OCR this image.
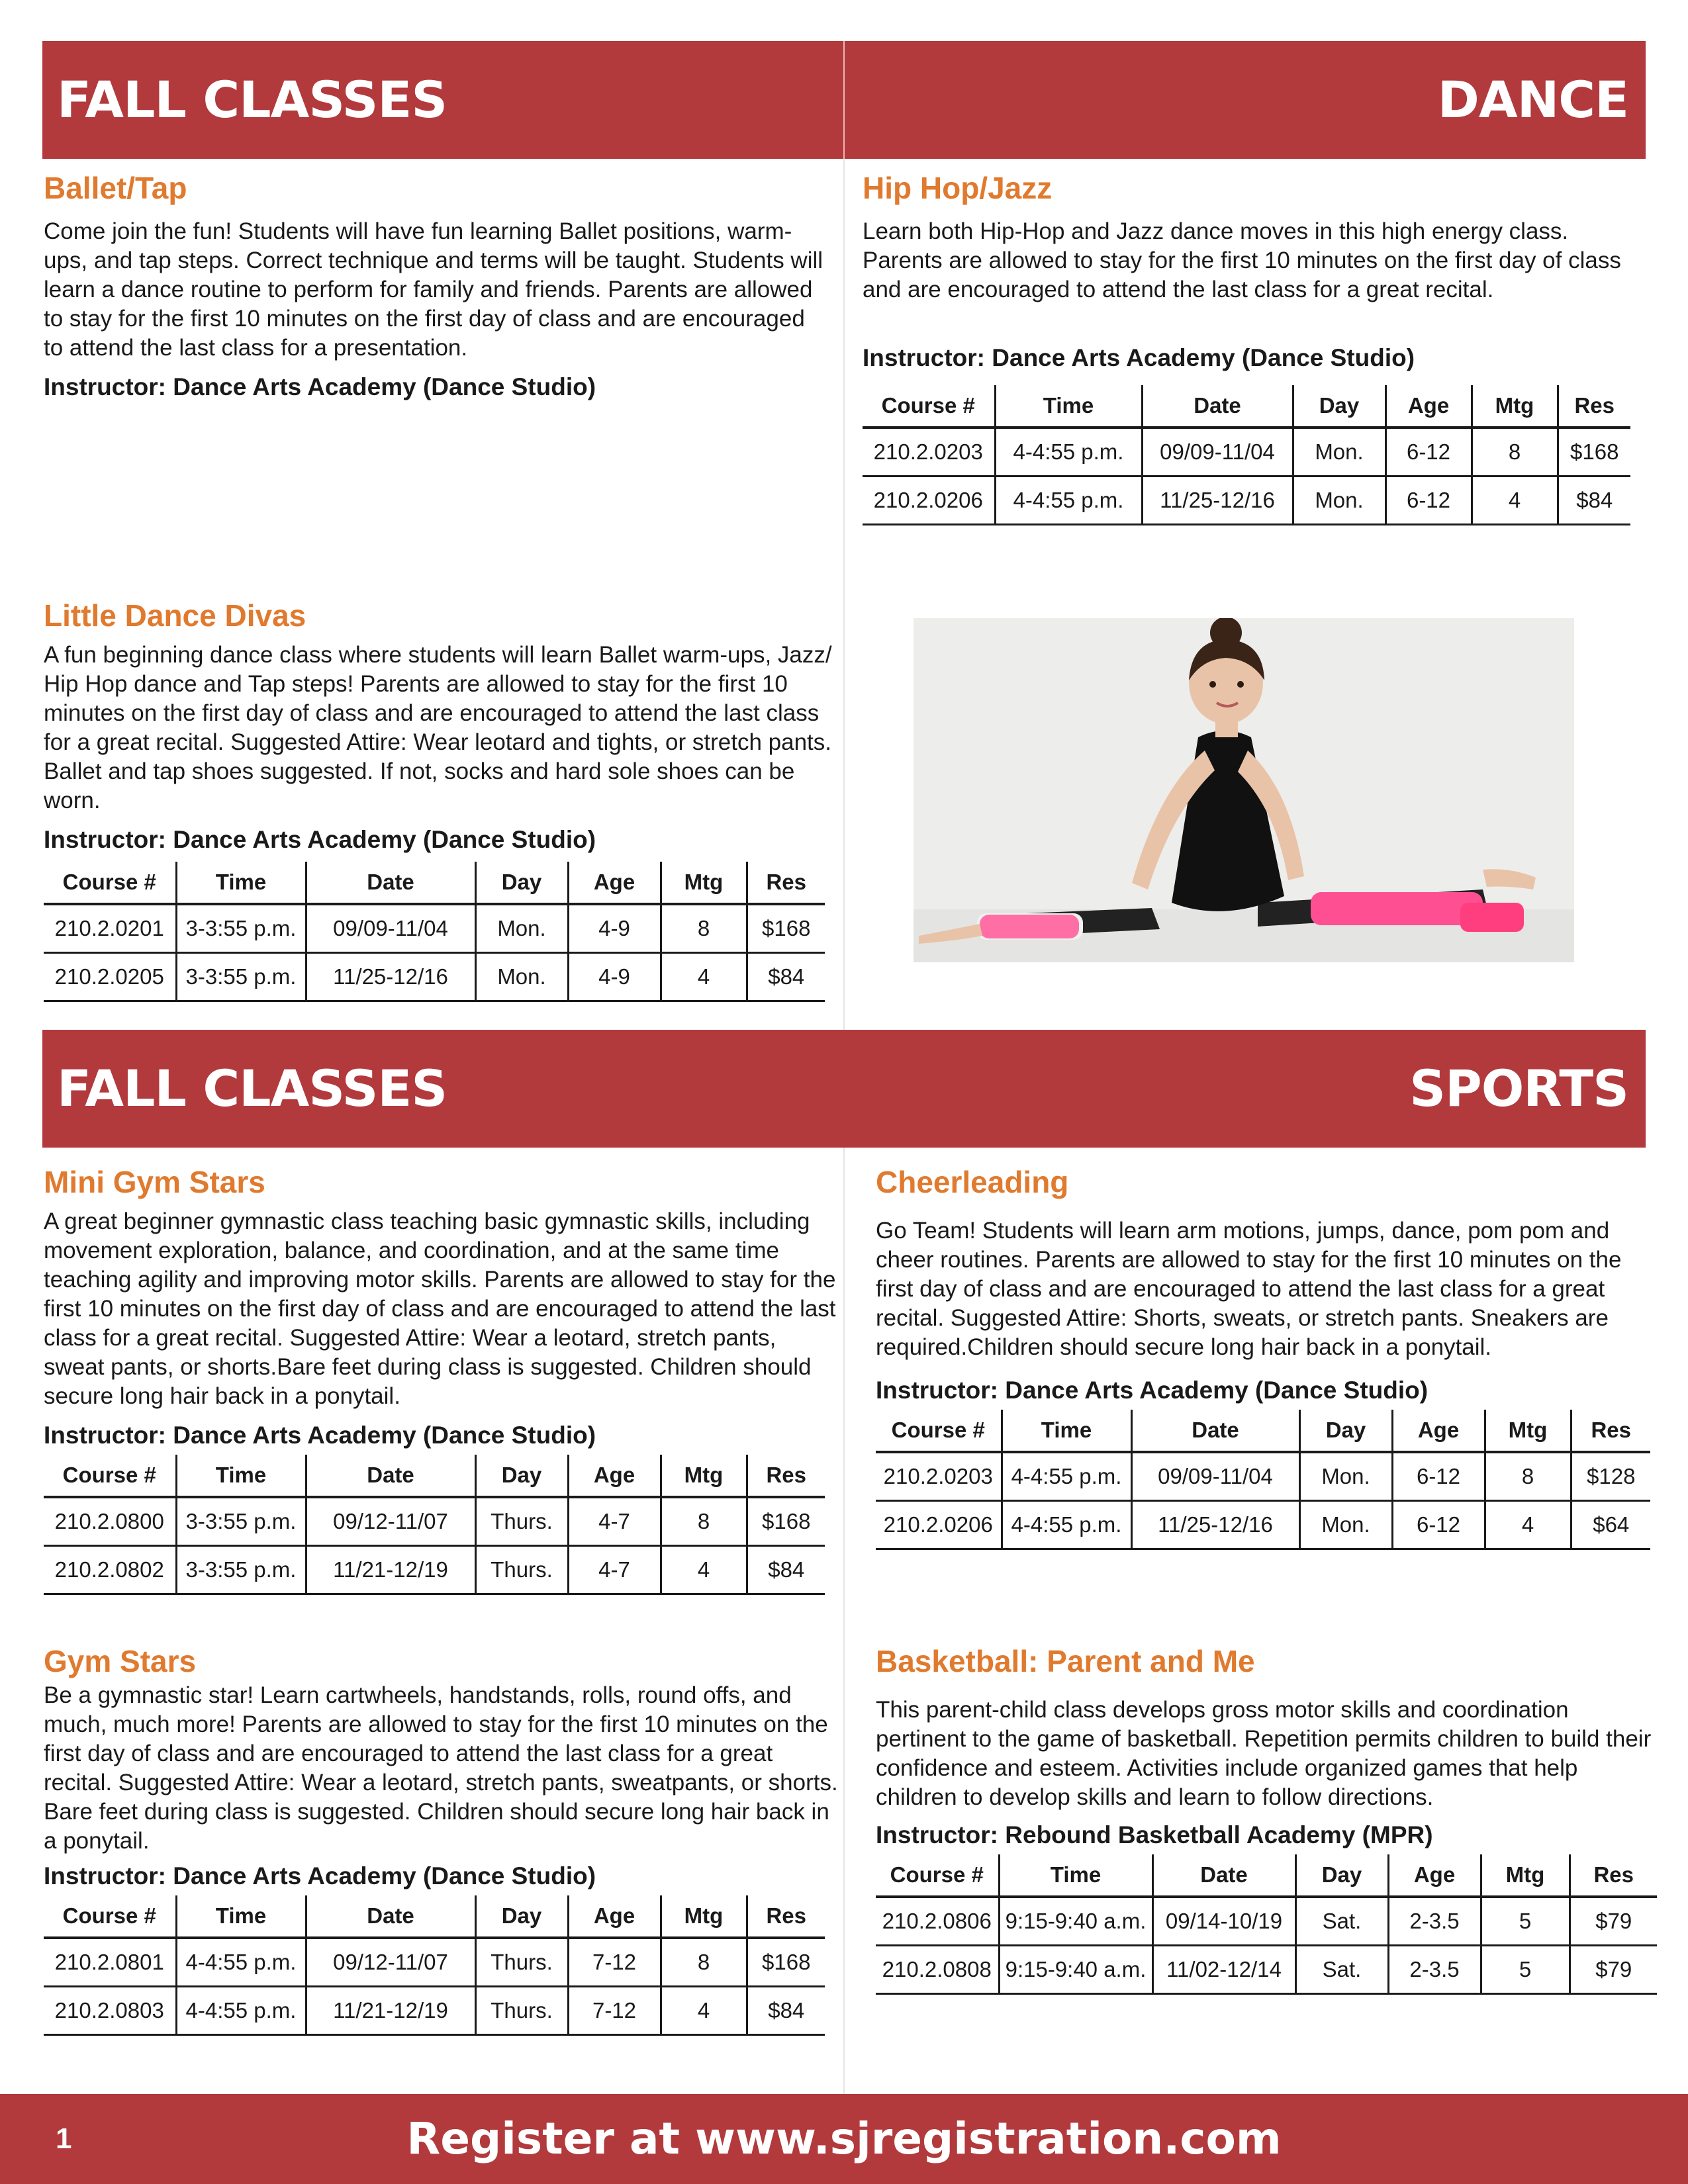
FALL CLASSES	DANCE
Ballet/Tap

Come join the fun! Students will have fun learning Ballet positions, warm-ups, and tap steps. Correct technique and terms will be taught. Students will learn a dance routine to perform for family and friends. Parents are allowed to stay for the first 10 minutes on the first day of class and are encouraged to attend the last class for a presentation.

Instructor: Dance Arts Academy (Dance Studio)
Hip Hop/Jazz

Learn both Hip-Hop and Jazz dance moves in this high energy class. Parents are allowed to stay for the first 10 minutes on the first day of class and are encouraged to attend the last class for a great recital.

Instructor: Dance Arts Academy (Dance Studio)
Course #	Time	Date	Day	Age	Mtg	Res
210.2.0203	4-4:55 p.m.	09/09-11/04	Mon.	6-12	8	$168
210.2.0206	4-4:55 p.m.	11/25-12/16	Mon.	6-12	4	$84
Little Dance Divas

A fun beginning dance class where students will learn Ballet warm-ups, Jazz/ Hip Hop dance and Tap steps! Parents are allowed to stay for the first 10 minutes on the first day of class and are encouraged to attend the last class for a great recital. Suggested Attire: Wear leotard and tights, or stretch pants. Ballet and tap shoes suggested. If not, socks and hard sole shoes can be worn.

Instructor: Dance Arts Academy (Dance Studio)
Course #	Time	Date	Day	Age	Mtg	Res
210.2.0201	3-3:55 p.m.	09/09-11/04	Mon.	4-9	8	$168
210.2.0205	3-3:55 p.m.	11/25-12/16	Mon.	4-9	4	$84
FALL CLASSES	SPORTS
Mini Gym Stars

A great beginner gymnastic class teaching basic gymnastic skills, including movement exploration, balance, and coordination, and at the same time teaching agility and improving motor skills. Parents are allowed to stay for the first 10 minutes on the first day of class and are encouraged to attend the last class for a great recital. Suggested Attire: Wear a leotard, stretch pants, sweat pants, or shorts.Bare feet during class is suggested. Children should secure long hair back in a ponytail.

Instructor: Dance Arts Academy (Dance Studio)
Course #	Time	Date	Day	Age	Mtg	Res
210.2.0800	3-3:55 p.m.	09/12-11/07	Thurs.	4-7	8	$168
210.2.0802	3-3:55 p.m.	11/21-12/19	Thurs.	4-7	4	$84
Gym Stars

Be a gymnastic star! Learn cartwheels, handstands, rolls, round offs, and much, much more! Parents are allowed to stay for the first 10 minutes on the first day of class and are encouraged to attend the last class for a great recital. Suggested Attire: Wear a leotard, stretch pants, sweatpants, or shorts. Bare feet during class is suggested. Children should secure long hair back in a ponytail.

Instructor: Dance Arts Academy (Dance Studio)
Course #	Time	Date	Day	Age	Mtg	Res
210.2.0801	4-4:55 p.m.	09/12-11/07	Thurs.	7-12	8	$168
210.2.0803	4-4:55 p.m.	11/21-12/19	Thurs.	7-12	4	$84
Cheerleading

Go Team! Students will learn arm motions, jumps, dance, pom pom and cheer routines. Parents are allowed to stay for the first 10 minutes on the first day of class and are encouraged to attend the last class for a great recital. Suggested Attire: Shorts, sweats, or stretch pants. Sneakers are required.Children should secure long hair back in a ponytail.

Instructor: Dance Arts Academy (Dance Studio)
Course #	Time	Date	Day	Age	Mtg	Res
210.2.0203	4-4:55 p.m.	09/09-11/04	Mon.	6-12	8	$128
210.2.0206	4-4:55 p.m.	11/25-12/16	Mon.	6-12	4	$64
Basketball: Parent and Me

This parent-child class develops gross motor skills and coordination pertinent to the game of basketball. Repetition permits children to build their confidence and esteem. Activities include organized games that help children to develop skills and learn to follow directions.

Instructor: Rebound Basketball Academy (MPR)
Course #	Time	Date	Day	Age	Mtg	Res
210.2.0806	9:15-9:40 a.m.	09/14-10/19	Sat.	2-3.5	5	$79
210.2.0808	9:15-9:40 a.m.	11/02-12/14	Sat.	2-3.5	5	$79
1	Register at www.sjregistration.com
